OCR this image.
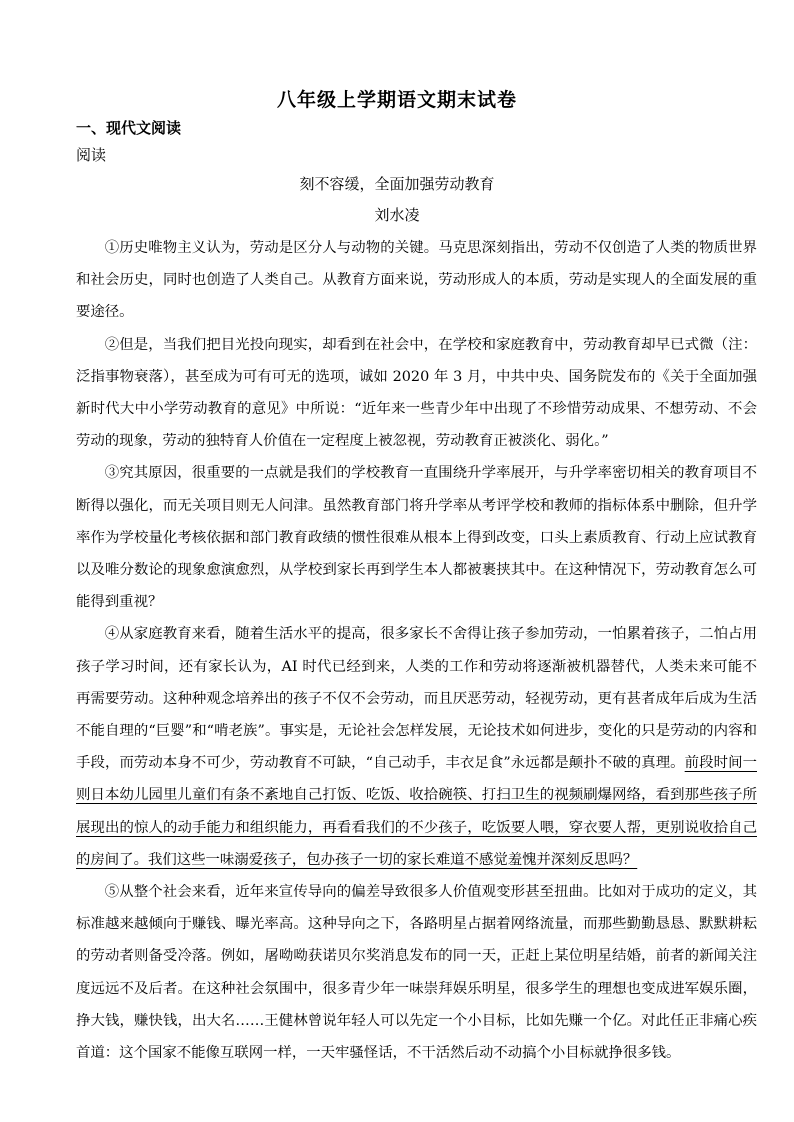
八年级上学期语文期末试卷
一、现代文阅读
阅读
刻不容缓，全面加强劳动教育
刘水凌

①历史唯物主义认为，劳动是区分人与动物的关键。马克思深刻指出，劳动不仅创造了人类的物质世界和社会历史，同时也创造了人类自己。从教育方面来说，劳动形成人的本质，劳动是实现人的全面发展的重要途径。

②但是，当我们把目光投向现实，却看到在社会中，在学校和家庭教育中，劳动教育却早已式微（注：泛指事物衰落），甚至成为可有可无的选项，诚如 2020 年 3 月，中共中央、国务院发布的《关于全面加强新时代大中小学劳动教育的意见》中所说：“近年来一些青少年中出现了不珍惜劳动成果、不想劳动、不会劳动的现象，劳动的独特育人价值在一定程度上被忽视，劳动教育正被淡化、弱化。”

③究其原因，很重要的一点就是我们的学校教育一直围绕升学率展开，与升学率密切相关的教育项目不断得以强化，而无关项目则无人问津。虽然教育部门将升学率从考评学校和教师的指标体系中删除，但升学率作为学校量化考核依据和部门教育政绩的惯性很难从根本上得到改变，口头上素质教育、行动上应试教育以及唯分数论的现象愈演愈烈，从学校到家长再到学生本人都被裹挟其中。在这种情况下，劳动教育怎么可能得到重视？

④从家庭教育来看，随着生活水平的提高，很多家长不舍得让孩子参加劳动，一怕累着孩子，二怕占用孩子学习时间，还有家长认为，AI 时代已经到来，人类的工作和劳动将逐渐被机器替代，人类未来可能不再需要劳动。这种种观念培养出的孩子不仅不会劳动，而且厌恶劳动，轻视劳动，更有甚者成年后成为生活不能自理的“巨婴”和“啃老族”。事实是，无论社会怎样发展，无论技术如何进步，变化的只是劳动的内容和手段，而劳动本身不可少，劳动教育不可缺，“自己动手，丰衣足食”永远都是颠扑不破的真理。前段时间一则日本幼儿园里儿童们有条不紊地自己打饭、吃饭、收拾碗筷、打扫卫生的视频刷爆网络，看到那些孩子所展现出的惊人的动手能力和组织能力，再看看我们的不少孩子，吃饭要人喂，穿衣要人帮，更别说收拾自己的房间了。我们这些一味溺爱孩子，包办孩子一切的家长难道不感觉羞愧并深刻反思吗？

⑤从整个社会来看，近年来宣传导向的偏差导致很多人价值观变形甚至扭曲。比如对于成功的定义，其标准越来越倾向于赚钱、曝光率高。这种导向之下，各路明星占据着网络流量，而那些勤勤恳恳、默默耕耘的劳动者则备受冷落。例如，屠呦呦获诺贝尔奖消息发布的同一天，正赶上某位明星结婚，前者的新闻关注度远远不及后者。在这种社会氛围中，很多青少年一味崇拜娱乐明星，很多学生的理想也变成进军娱乐圈，挣大钱，赚快钱，出大名……王健林曾说年轻人可以先定一个小目标，比如先赚一个亿。对此任正非痛心疾首道：这个国家不能像互联网一样，一天牢骚怪话，不干活然后动不动搞个小目标就挣很多钱。
